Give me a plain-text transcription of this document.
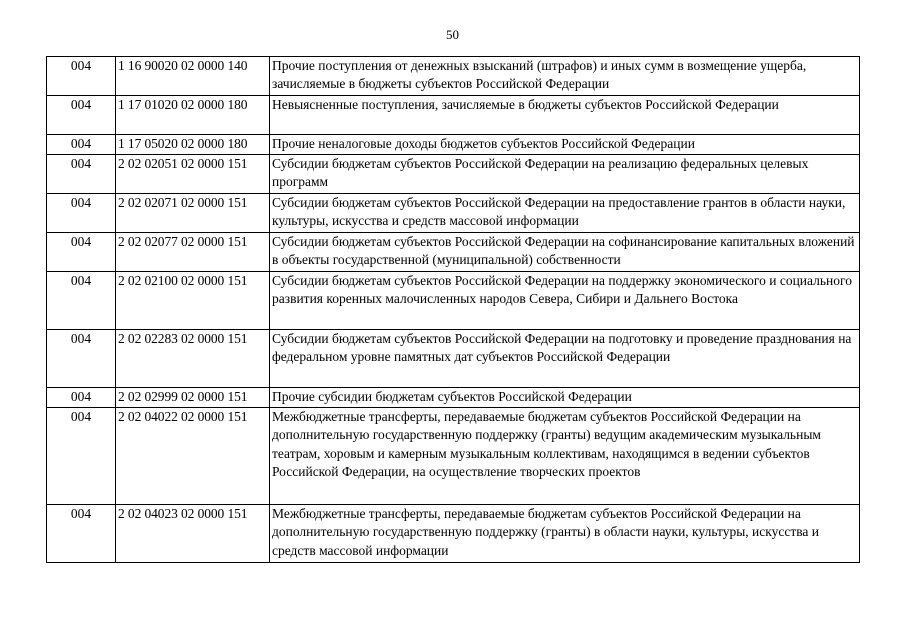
50
004	1 16 90020 02 0000 140	Прочие поступления от денежных взысканий (штрафов) и иных сумм в возмещение ущерба, зачисляемые в бюджеты субъектов Российской Федерации
004	1 17 01020 02 0000 180	Невыясненные поступления, зачисляемые в бюджеты субъектов Российской Федерации
004	1 17 05020 02 0000 180	Прочие неналоговые доходы бюджетов субъектов Российской Федерации
004	2 02 02051 02 0000 151	Субсидии бюджетам субъектов Российской Федерации на реализацию федеральных целевых программ
004	2 02 02071 02 0000 151	Субсидии бюджетам субъектов Российской Федерации на предоставление грантов в области науки, культуры, искусства и средств массовой информации
004	2 02 02077 02 0000 151	Субсидии бюджетам субъектов Российской Федерации на софинансирование капитальных вложений в объекты государственной (муниципальной) собственности
004	2 02 02100 02 0000 151	Субсидии бюджетам субъектов Российской Федерации на поддержку экономического и социального развития коренных малочисленных народов Севера, Сибири и Дальнего Востока
004	2 02 02283 02 0000 151	Субсидии бюджетам субъектов Российской Федерации на подготовку и проведение празднования на федеральном уровне памятных дат субъектов Российской Федерации
004	2 02 02999 02 0000 151	Прочие субсидии бюджетам субъектов Российской Федерации
004	2 02 04022 02 0000 151	Межбюджетные трансферты, передаваемые бюджетам субъектов Российской Федерации на дополнительную государственную поддержку (гранты) ведущим академическим музыкальным театрам, хоровым и камерным музыкальным коллективам, находящимся в ведении субъектов Российской Федерации, на осуществление творческих проектов
004	2 02 04023 02 0000 151	Межбюджетные трансферты, передаваемые бюджетам субъектов Российской Федерации на дополнительную государственную поддержку (гранты) в области науки, культуры, искусства и средств массовой информации
